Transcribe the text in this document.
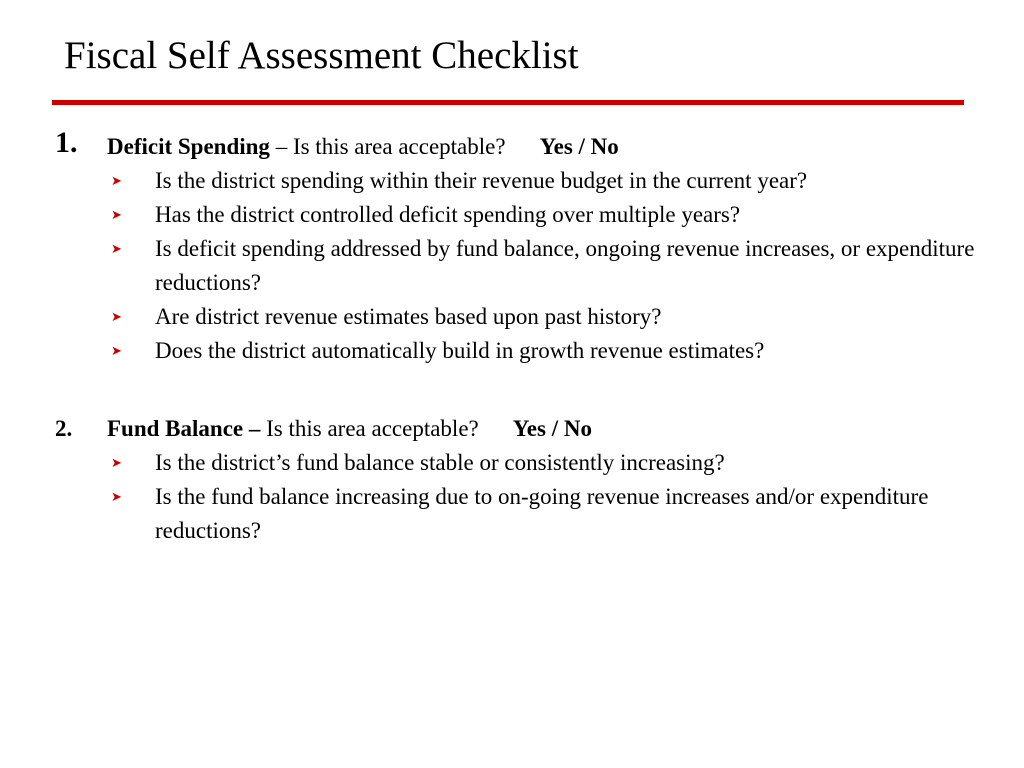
Fiscal Self Assessment Checklist
1. Deficit Spending – Is this area acceptable? Yes / No
➤ Is the district spending within their revenue budget in the current year?
➤ Has the district controlled deficit spending over multiple years?
➤ Is deficit spending addressed by fund balance, ongoing revenue increases, or expenditure reductions?
➤ Are district revenue estimates based upon past history?
➤ Does the district automatically build in growth revenue estimates?
2. Fund Balance – Is this area acceptable? Yes / No
➤ Is the district’s fund balance stable or consistently increasing?
➤ Is the fund balance increasing due to on-going revenue increases and/or expenditure reductions?
